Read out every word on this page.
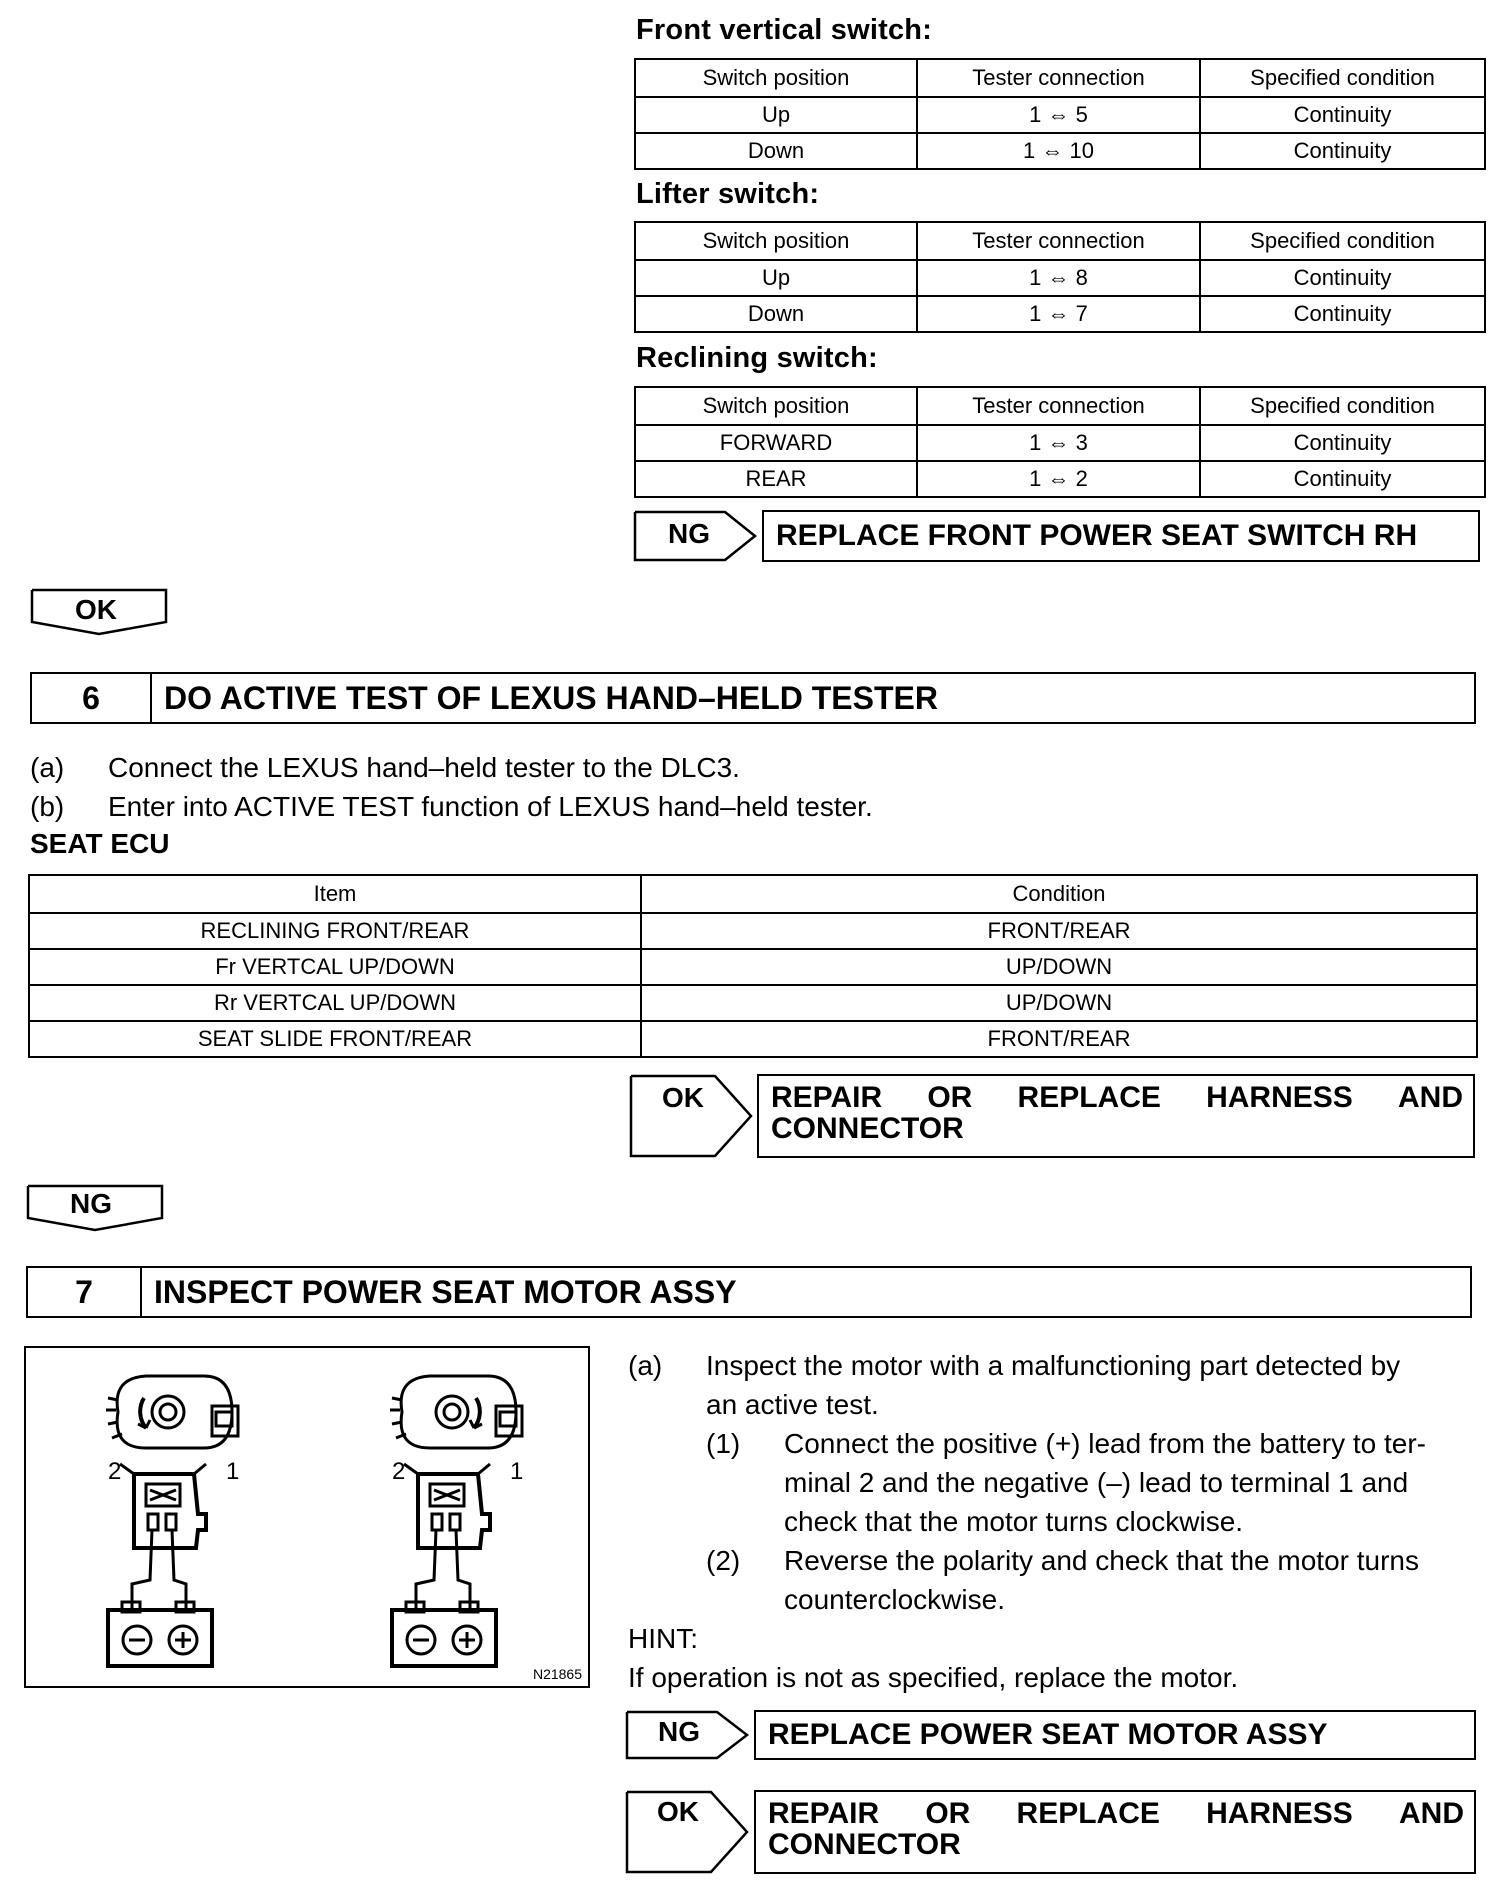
Front vertical switch:
Switch position	Tester connection	Specified condition
Up	1 ⇔ 5	Continuity
Down	1 ⇔ 10	Continuity
Lifter switch:
Switch position	Tester connection	Specified condition
Up	1 ⇔ 8	Continuity
Down	1 ⇔ 7	Continuity
Reclining switch:
Switch position	Tester connection	Specified condition
FORWARD	1 ⇔ 3	Continuity
REAR	1 ⇔ 2	Continuity
NG	REPLACE FRONT POWER SEAT SWITCH RH
OK
6	DO ACTIVE TEST OF LEXUS HAND–HELD TESTER
(a) Connect the LEXUS hand–held tester to the DLC3.
(b) Enter into ACTIVE TEST function of LEXUS hand–held tester.
SEAT ECU
Item	Condition
RECLINING FRONT/REAR	FRONT/REAR
Fr VERTCAL UP/DOWN	UP/DOWN
Rr VERTCAL UP/DOWN	UP/DOWN
SEAT SLIDE FRONT/REAR	FRONT/REAR
OK REPAIR OR REPLACE HARNESS AND
CONNECTOR
NG
7	INSPECT POWER SEAT MOTOR ASSY
2	1	2	1
N21865
(a) Inspect the motor with a malfunctioning part detected by
an active test.
(1) Connect the positive (+) lead from the battery to ter-
minal 2 and the negative (–) lead to terminal 1 and
check that the motor turns clockwise.
(2) Reverse the polarity and check that the motor turns
counterclockwise.
HINT:
If operation is not as specified, replace the motor.
NG	REPLACE POWER SEAT MOTOR ASSY
OK REPAIR OR REPLACE HARNESS AND
CONNECTOR
